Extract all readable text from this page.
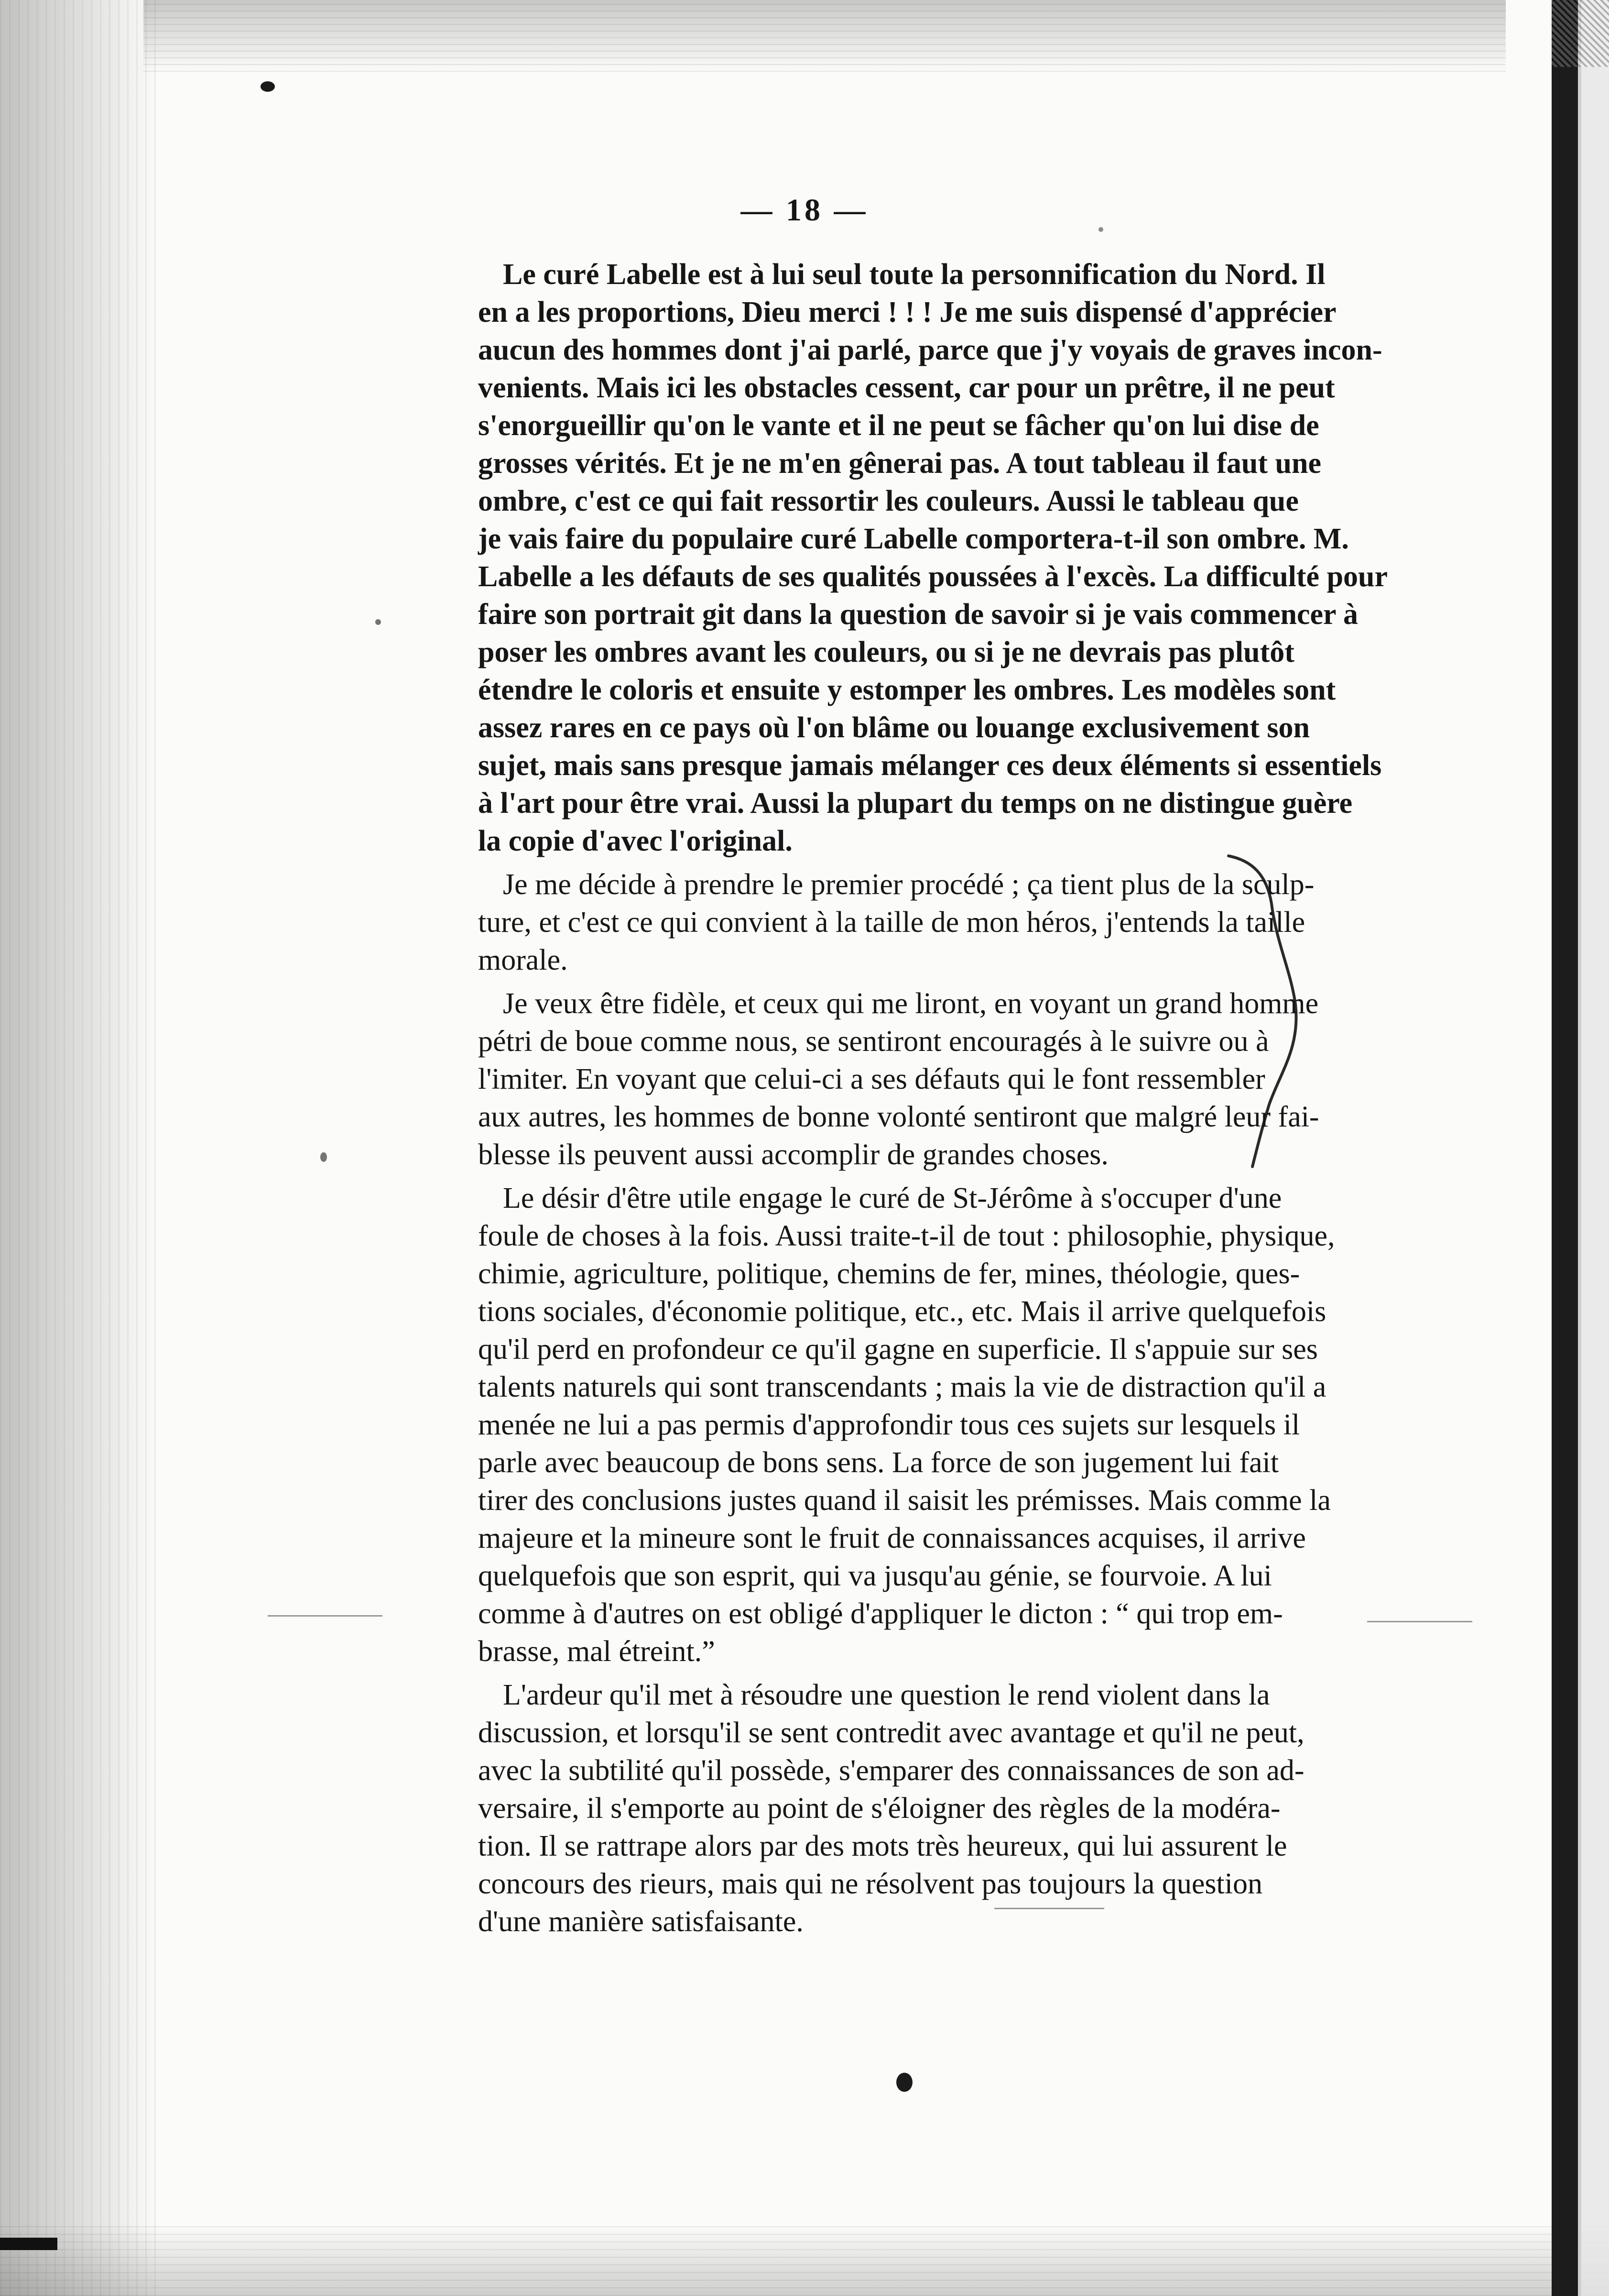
— 18 —

Le curé Labelle est à lui seul toute la personnification du Nord. Il
en a les proportions, Dieu merci ! ! ! Je me suis dispensé d'apprécier
aucun des hommes dont j'ai parlé, parce que j'y voyais de graves incon-
venients. Mais ici les obstacles cessent, car pour un prêtre, il ne peut
s'enorgueillir qu'on le vante et il ne peut se fâcher qu'on lui dise de
grosses vérités. Et je ne m'en gênerai pas. A tout tableau il faut une
ombre, c'est ce qui fait ressortir les couleurs. Aussi le tableau que
je vais faire du populaire curé Labelle comportera-t-il son ombre. M.
Labelle a les défauts de ses qualités poussées à l'excès. La difficulté pour
faire son portrait git dans la question de savoir si je vais commencer à
poser les ombres avant les couleurs, ou si je ne devrais pas plutôt
étendre le coloris et ensuite y estomper les ombres. Les modèles sont
assez rares en ce pays où l'on blâme ou louange exclusivement son
sujet, mais sans presque jamais mélanger ces deux éléments si essentiels
à l'art pour être vrai. Aussi la plupart du temps on ne distingue guère
la copie d'avec l'original.

Je me décide à prendre le premier procédé ; ça tient plus de la sculp-
ture, et c'est ce qui convient à la taille de mon héros, j'entends la taille
morale.

Je veux être fidèle, et ceux qui me liront, en voyant un grand homme
pétri de boue comme nous, se sentiront encouragés à le suivre ou à
l'imiter. En voyant que celui-ci a ses défauts qui le font ressembler
aux autres, les hommes de bonne volonté sentiront que malgré leur fai-
blesse ils peuvent aussi accomplir de grandes choses.

Le désir d'être utile engage le curé de St-Jérôme à s'occuper d'une
foule de choses à la fois. Aussi traite-t-il de tout : philosophie, physique,
chimie, agriculture, politique, chemins de fer, mines, théologie, ques-
tions sociales, d'économie politique, etc., etc. Mais il arrive quelquefois
qu'il perd en profondeur ce qu'il gagne en superficie. Il s'appuie sur ses
talents naturels qui sont transcendants ; mais la vie de distraction qu'il a
menée ne lui a pas permis d'approfondir tous ces sujets sur lesquels il
parle avec beaucoup de bons sens. La force de son jugement lui fait
tirer des conclusions justes quand il saisit les prémisses. Mais comme la
majeure et la mineure sont le fruit de connaissances acquises, il arrive
quelquefois que son esprit, qui va jusqu'au génie, se fourvoie. A lui
comme à d'autres on est obligé d'appliquer le dicton : “ qui trop em-
brasse, mal étreint.”

L'ardeur qu'il met à résoudre une question le rend violent dans la
discussion, et lorsqu'il se sent contredit avec avantage et qu'il ne peut,
avec la subtilité qu'il possède, s'emparer des connaissances de son ad-
versaire, il s'emporte au point de s'éloigner des règles de la modéra-
tion. Il se rattrape alors par des mots très heureux, qui lui assurent le
concours des rieurs, mais qui ne résolvent pas toujours la question
d'une manière satisfaisante.
